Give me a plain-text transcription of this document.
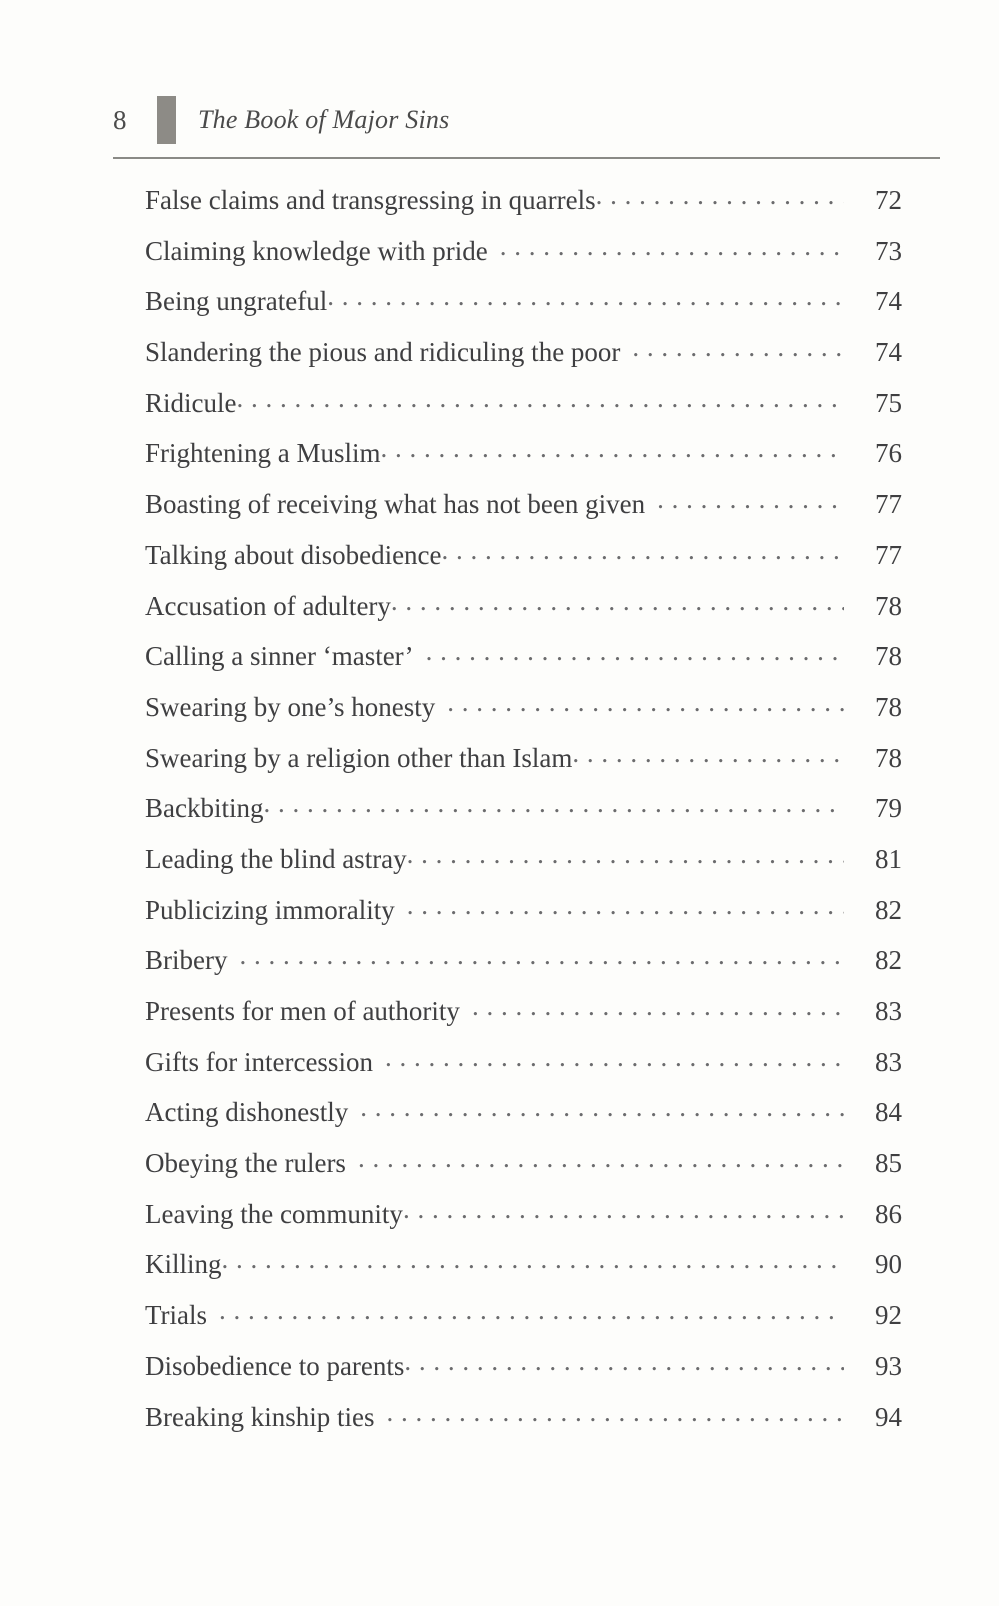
8	The Book of Major Sins
False claims and transgressing in quarrels . . .	72
Claiming knowledge with pride . . .	73
Being ungrateful . . .	74
Slandering the pious and ridiculing the poor . . .	74
Ridicule . . .	75
Frightening a Muslim . . .	76
Boasting of receiving what has not been given . . .	77
Talking about disobedience . . .	77
Accusation of adultery . . .	78
Calling a sinner ‘master’ . . .	78
Swearing by one’s honesty . . .	78
Swearing by a religion other than Islam . . .	78
Backbiting . . .	79
Leading the blind astray . . .	81
Publicizing immorality . . .	82
Bribery . . .	82
Presents for men of authority . . .	83
Gifts for intercession . . .	83
Acting dishonestly . . .	84
Obeying the rulers . . .	85
Leaving the community . . .	86
Killing . . .	90
Trials . . .	92
Disobedience to parents . . .	93
Breaking kinship ties . . .	94
